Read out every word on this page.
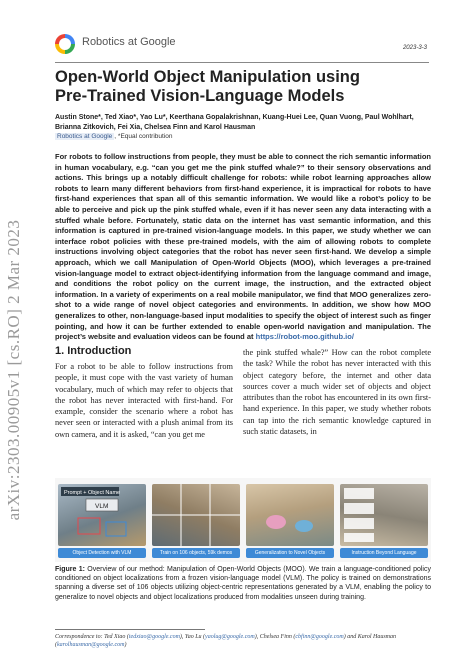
Robotics at Google	2023-3-3
arXiv:2303.00905v1 [cs.RO] 2 Mar 2023
Open-World Object Manipulation using
Pre-Trained Vision-Language Models
Austin Stone*, Ted Xiao*, Yao Lu*, Keerthana Gopalakrishnan, Kuang-Huei Lee, Quan Vuong, Paul Wohlhart,
Brianna Zitkovich, Fei Xia, Chelsea Finn and Karol Hausman
Robotics at Google , *Equal contribution
For robots to follow instructions from people, they must be able to connect the rich semantic information in human vocabulary, e.g. “can you get me the pink stuffed whale?” to their sensory observations and actions. This brings up a notably difficult challenge for robots: while robot learning approaches allow robots to learn many different behaviors from first-hand experience, it is impractical for robots to have first-hand experiences that span all of this semantic information. We would like a robot’s policy to be able to perceive and pick up the pink stuffed whale, even if it has never seen any data interacting with a stuffed whale before. Fortunately, static data on the internet has vast semantic information, and this information is captured in pre-trained vision-language models. In this paper, we study whether we can interface robot policies with these pre-trained models, with the aim of allowing robots to complete instructions involving object categories that the robot has never seen first-hand. We develop a simple approach, which we call Manipulation of Open-World Objects (MOO), which leverages a pre-trained vision-language model to extract object-identifying information from the language command and image, and conditions the robot policy on the current image, the instruction, and the extracted object information. In a variety of experiments on a real mobile manipulator, we find that MOO generalizes zero-shot to a wide range of novel object categories and environments. In addition, we show how MOO generalizes to other, non-language-based input modalities to specify the object of interest such as finger pointing, and how it can be further extended to enable open-world navigation and manipulation. The project’s website and evaluation videos can be found at https://robot-moo.github.io/
1. Introduction
For a robot to be able to follow instructions from people, it must cope with the vast variety of human vocabulary, much of which may refer to objects that the robot has never interacted with first-hand. For example, consider the scenario where a robot has never seen or interacted with a plush animal from its own camera, and it is asked, “can you get me
the pink stuffed whale?” How can the robot complete the task? While the robot has never interacted with this object category before, the internet and other data sources cover a much wider set of objects and object attributes than the robot has encountered in its own first-hand experience. In this paper, we study whether robots can tap into the rich semantic knowledge captured in such static datasets, in
Prompt + Object Name
VLM
Object Detection with VLM	Train on 106 objects, 59k demos	Generalization to Novel Objects	Instruction Beyond Language
Figure 1: Overview of our method: Manipulation of Open-World Objects (MOO). We train a language-conditioned policy conditioned on object localizations from a frozen vision-language model (VLM). The policy is trained on demonstrations spanning a diverse set of 106 objects utilizing object-centric representations generated by a VLM, enabling the policy to generalize to novel objects and object localizations produced from modalities unseen during training.
Correspondence to: Ted Xiao (tedxiao@google.com), Yao Lu (yaolug@google.com), Chelsea Finn (cbfinn@google.com) and Karol Hausman
(karolhausman@google.com)
